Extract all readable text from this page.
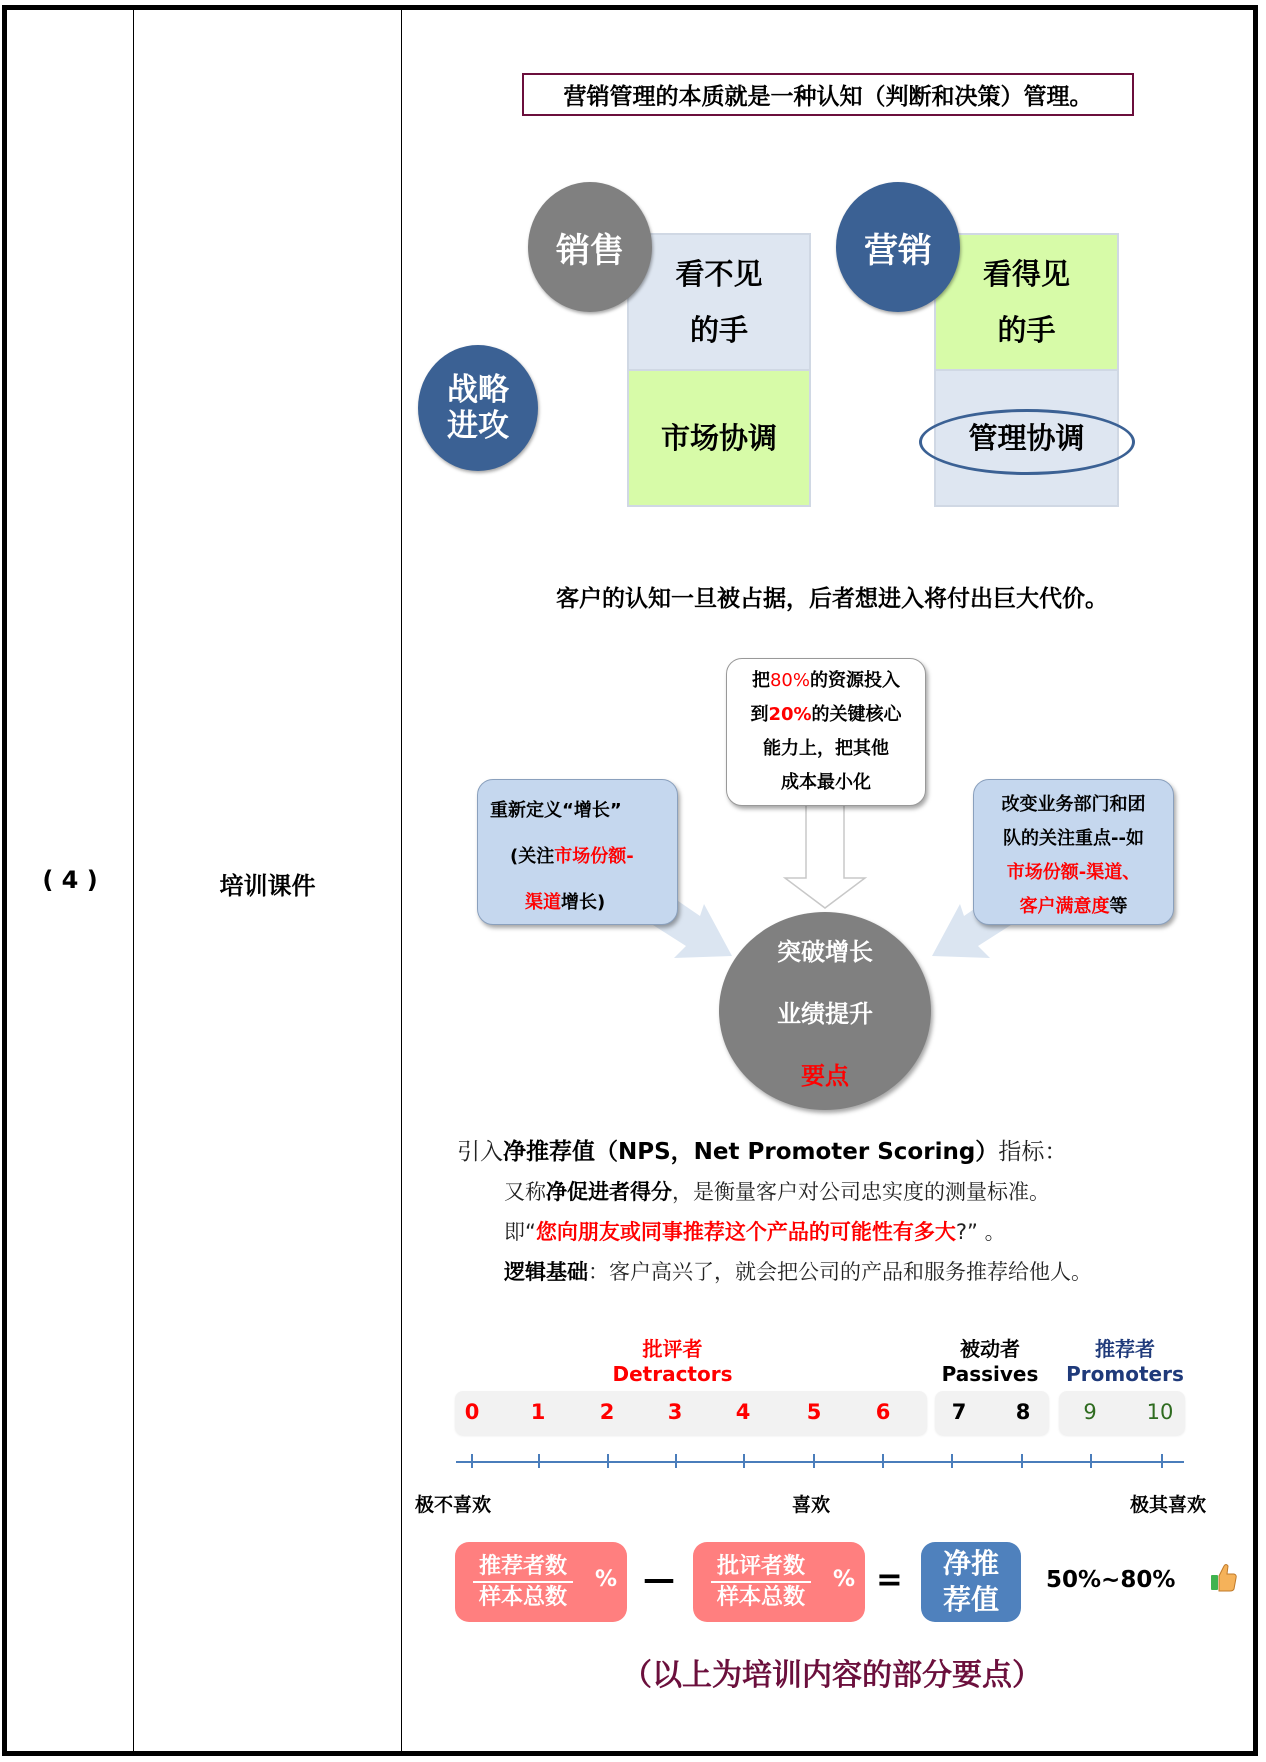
( 4 )	培训课件
营销管理的本质就是一种认知（判断和决策）管理。
看不见
的手
市场协调
销售
战略
进攻
看得见
的手
管理协调
营销
客户的认知一旦被占据，后者想进入将付出巨大代价。
把80%的资源投入
到20%的关键核心
能力上，把其他
成本最小化
重新定义“增长”
(关注市场份额-
渠道增长)
改变业务部门和团
队的关注重点--如
市场份额-渠道、
客户满意度等
突破增长
业绩提升
要点
引入净推荐值（NPS，Net Promoter Scoring）指标：
又称净促进者得分，是衡量客户对公司忠实度的测量标准。
即“您向朋友或同事推荐这个产品的可能性有多大?” 。
逻辑基础：客户高兴了，就会把公司的产品和服务推荐给他人。
批评者
Detractors
被动者
Passives
推荐者
Promoters
0	1	2	3	4	5	6	7	8	9	10
极不喜欢	喜欢	极其喜欢
推荐者数
样本总数
% — 批评者数
样本总数
% =	净推
荐值
50%~80%
（以上为培训内容的部分要点）
